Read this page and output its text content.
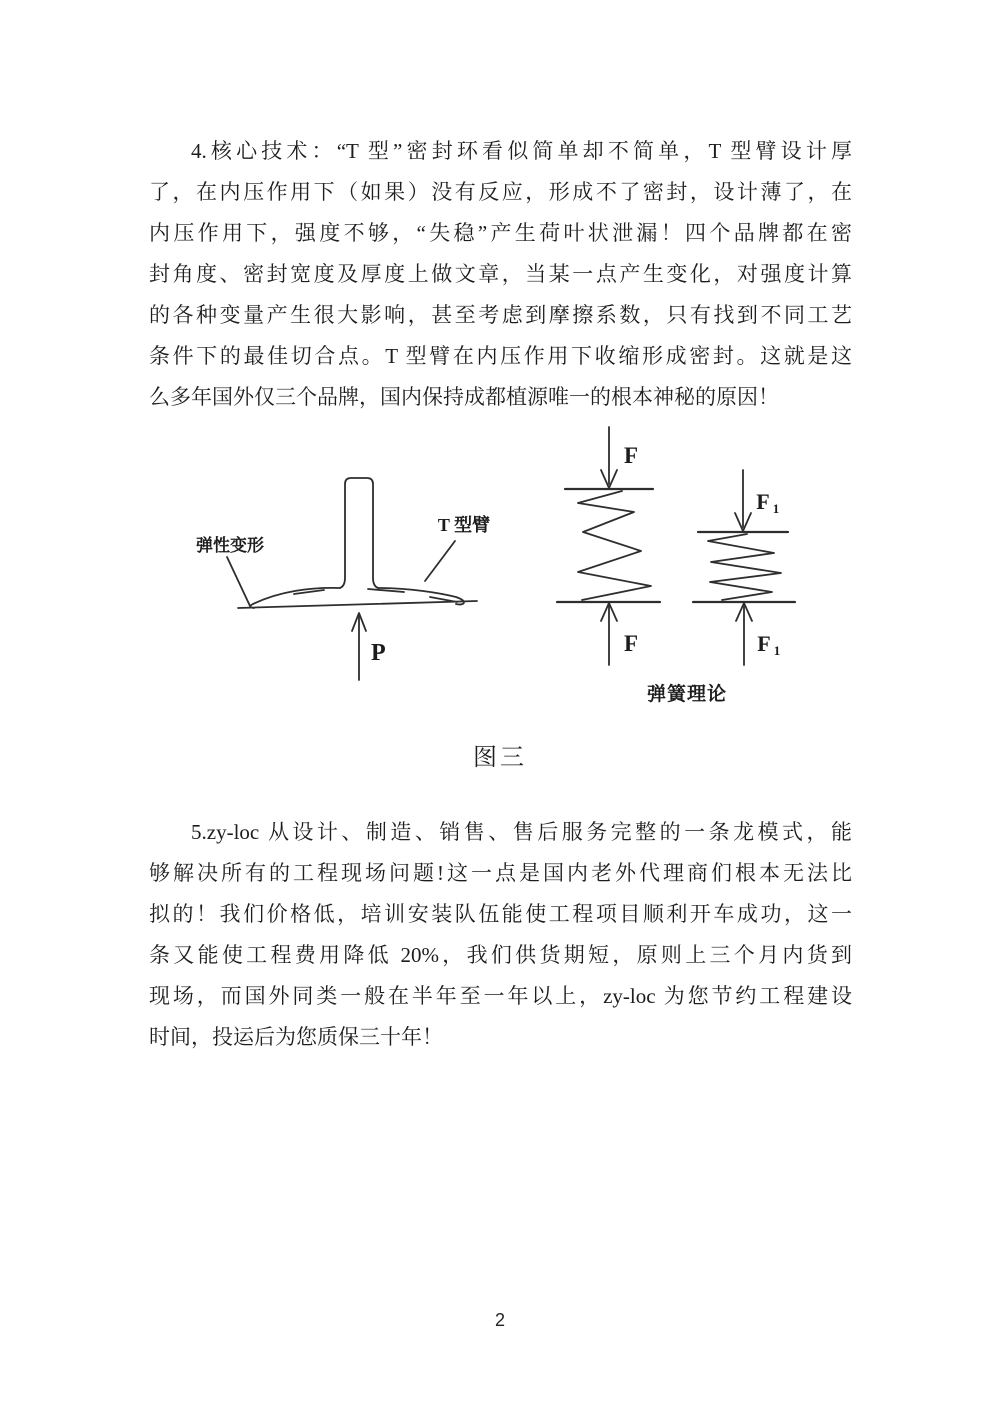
4.核心技术：“T 型”密封环看似简单却不简单，T 型臂设计厚
了，在内压作用下（如果）没有反应，形成不了密封，设计薄了，在
内压作用下，强度不够，“失稳”产生荷叶状泄漏！四个品牌都在密
封角度、密封宽度及厚度上做文章，当某一点产生变化，对强度计算
的各种变量产生很大影响，甚至考虑到摩擦系数，只有找到不同工艺
条件下的最佳切合点。T 型臂在内压作用下收缩形成密封。这就是这
么多年国外仅三个品牌，国内保持成都植源唯一的根本神秘的原因！
弹性变形
T 型臂
P
F
F
F 1
F 1
弹簧理论
图三
5.zy-loc 从设计、制造、销售、售后服务完整的一条龙模式，能
够解决所有的工程现场问题!这一点是国内老外代理商们根本无法比
拟的！我们价格低，培训安装队伍能使工程项目顺利开车成功，这一
条又能使工程费用降低 20%，我们供货期短，原则上三个月内货到
现场，而国外同类一般在半年至一年以上，zy-loc 为您节约工程建设
时间，投运后为您质保三十年！
2
